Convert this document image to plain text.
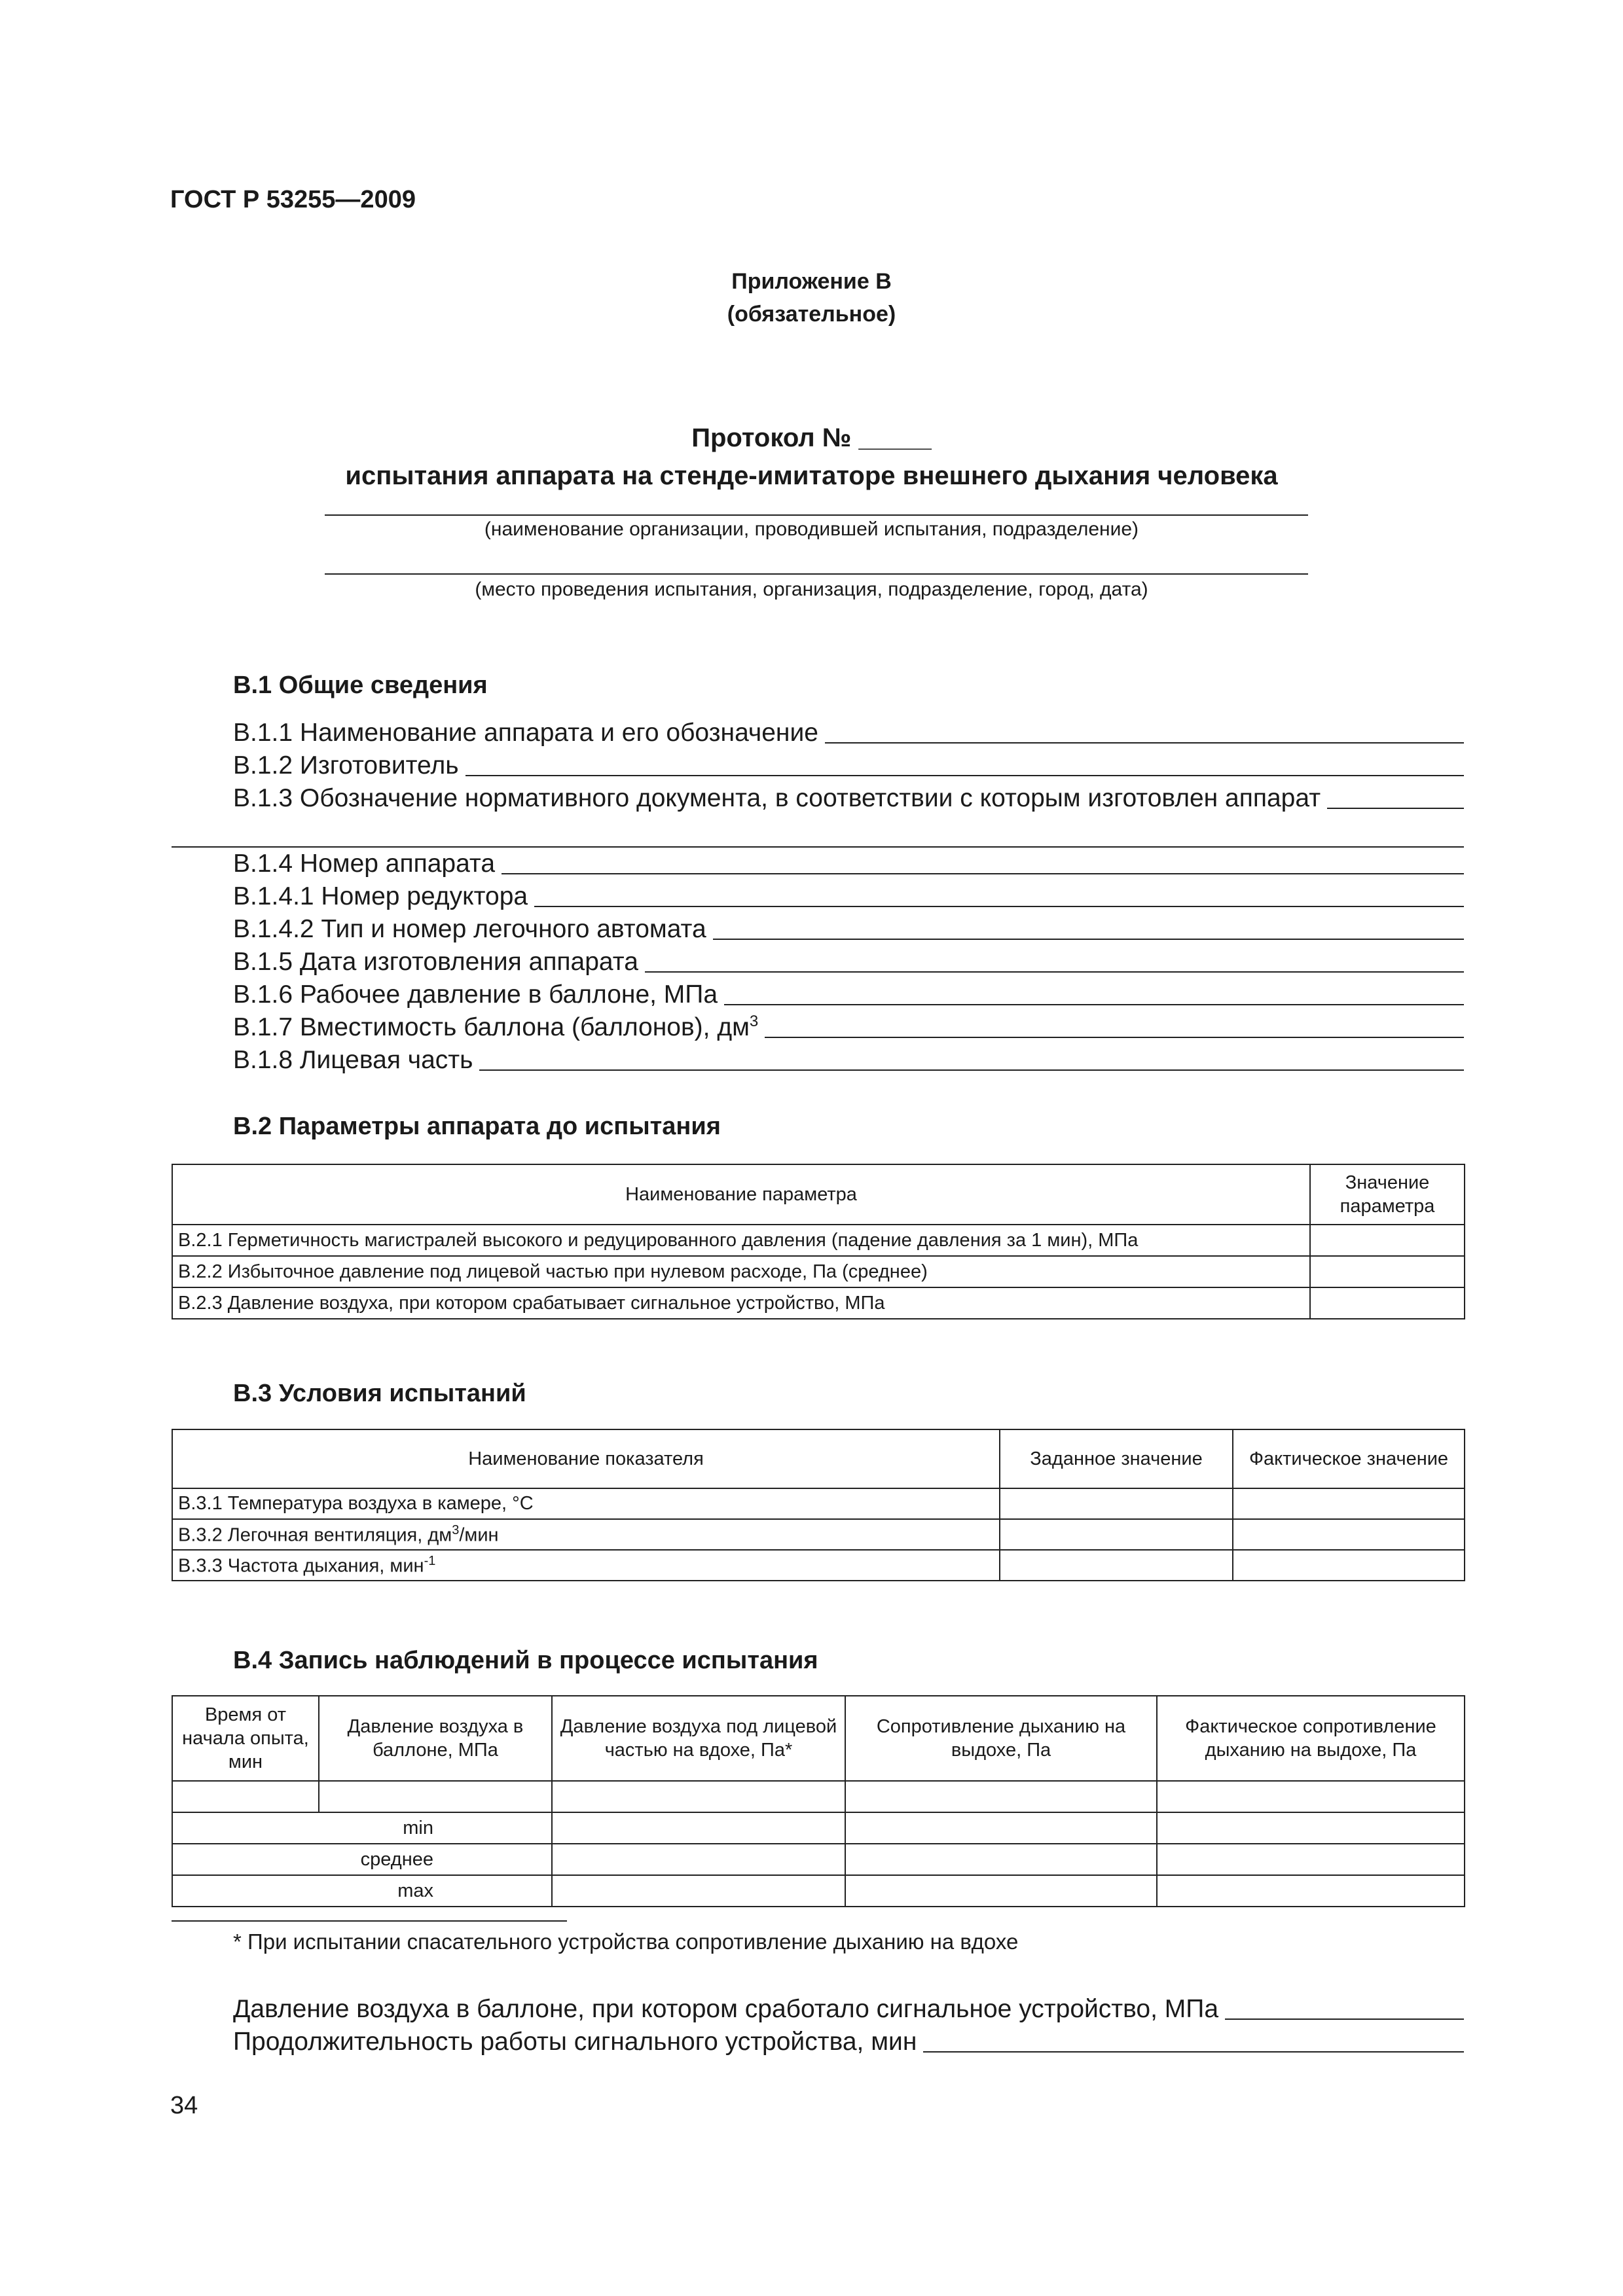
ГОСТ Р 53255—2009
Приложение В
(обязательное)
Протокол № _____
испытания аппарата на стенде-имитаторе внешнего дыхания человека
(наименование организации, проводившей испытания, подразделение)
(место проведения испытания, организация, подразделение, город, дата)
В.1 Общие сведения
В.1.1 Наименование аппарата и его обозначение
В.1.2 Изготовитель
В.1.3 Обозначение нормативного документа, в соответствии с которым изготовлен аппарат
В.1.4 Номер аппарата
В.1.4.1 Номер редуктора
В.1.4.2 Тип и номер легочного автомата
В.1.5 Дата изготовления аппарата
В.1.6 Рабочее давление в баллоне, МПа
В.1.7 Вместимость баллона (баллонов), $дм^3$
В.1.8 Лицевая часть
В.2 Параметры аппарата до испытания
Наименование параметра	Значение параметра
В.2.1 Герметичность магистралей высокого и редуцированного давления (падение давления за 1 мин), МПа	
В.2.2 Избыточное давление под лицевой частью при нулевом расходе, Па (среднее)	
В.2.3 Давление воздуха, при котором срабатывает сигнальное устройство, МПа	
В.3 Условия испытаний
Наименование показателя	Заданное значение	Фактическое значение
В.3.1 Температура воздуха в камере, °С		
В.3.2 Легочная вентиляция, $дм^3$/мин		
В.3.3 Частота дыхания, мин$^{-1}$		
В.4 Запись наблюдений в процессе испытания
Время от начала опыта, мин	Давление воздуха в баллоне, МПа	Давление воздуха под лицевой частью на вдохе, Па*	Сопротивление дыханию на выдохе, Па	Фактическое сопротивление дыханию на выдохе, Па

min				
среднее				
max				
* При испытании спасательного устройства сопротивление дыханию на вдохе
Давление воздуха в баллоне, при котором сработало сигнальное устройство, МПа
Продолжительность работы сигнального устройства, мин
34
